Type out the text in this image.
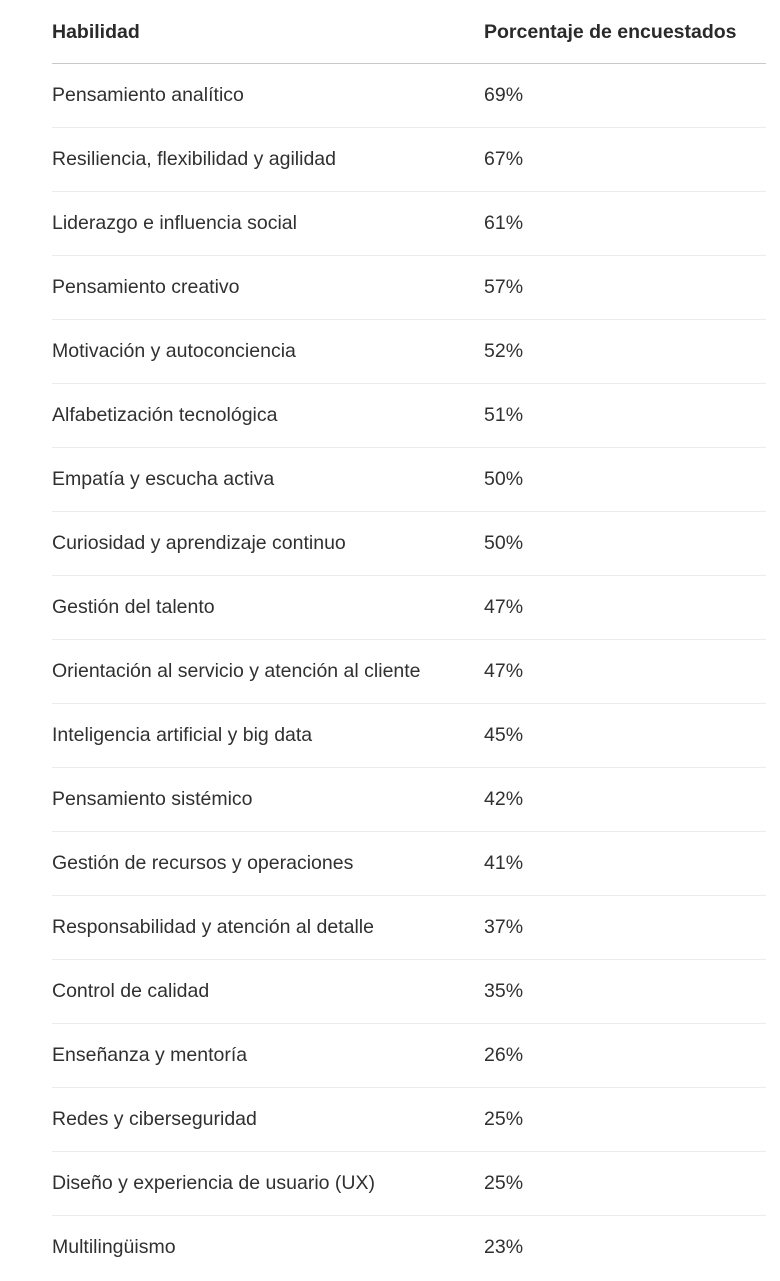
Habilidad	Porcentaje de encuestados
Pensamiento analítico	69%
Resiliencia, flexibilidad y agilidad	67%
Liderazgo e influencia social	61%
Pensamiento creativo	57%
Motivación y autoconciencia	52%
Alfabetización tecnológica	51%
Empatía y escucha activa	50%
Curiosidad y aprendizaje continuo	50%
Gestión del talento	47%
Orientación al servicio y atención al cliente	47%
Inteligencia artificial y big data	45%
Pensamiento sistémico	42%
Gestión de recursos y operaciones	41%
Responsabilidad y atención al detalle	37%
Control de calidad	35%
Enseñanza y mentoría	26%
Redes y ciberseguridad	25%
Diseño y experiencia de usuario (UX)	25%
Multilingüismo	23%
